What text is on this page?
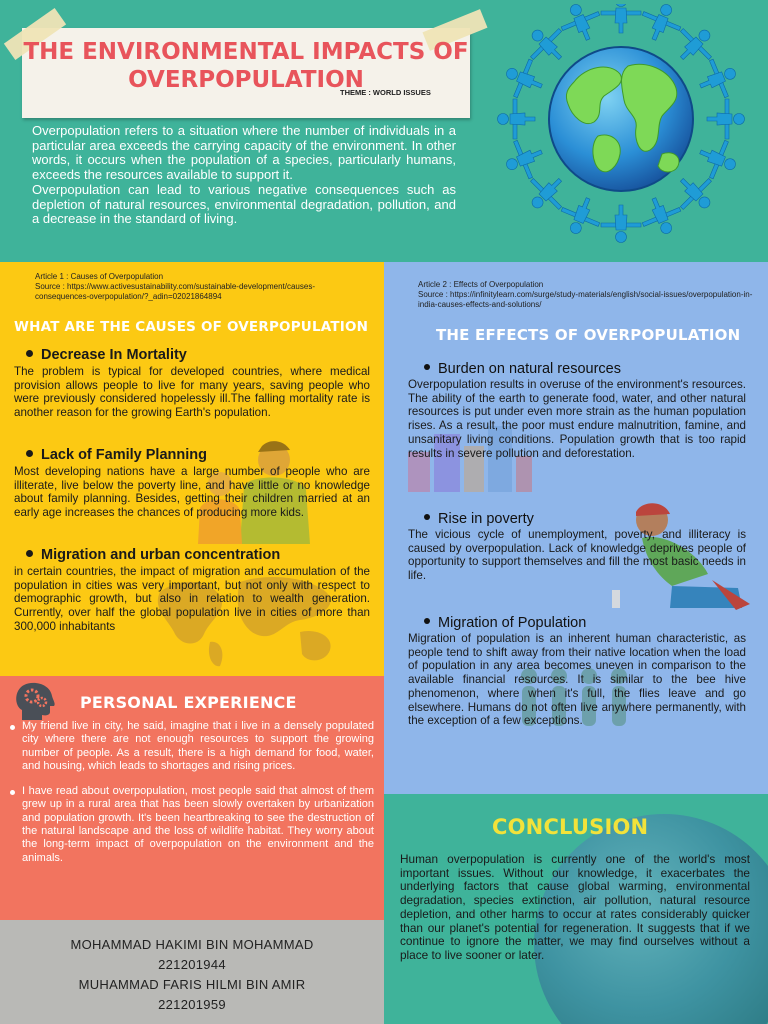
THE ENVIRONMENTAL IMPACTS OF
OVERPOPULATION
THEME : WORLD ISSUES

Overpopulation refers to a situation where the number of individuals in a particular area exceeds the carrying capacity of the environment. In other words, it occurs when the population of a species, particularly humans, exceeds the resources available to support it.

Overpopulation can lead to various negative consequences such as depletion of natural resources, environmental degradation, pollution, and a decrease in the standard of living.

Article 1 : Causes of Overpopulation
Source : https://www.activesustainability.com/sustainable-development/causes-consequences-overpopulation/?_adin=02021864894
WHAT ARE THE CAUSES OF OVERPOPULATION
Decrease In Mortality

The problem is typical for developed countries, where medical provision allows people to live for many years, saving people who were previously considered hopelessly ill.The falling mortality rate is another reason for the growing Earth's population.

Lack of Family Planning

Most developing nations have a large number of people who are illiterate, live below the poverty line, and have little or no knowledge about family planning. Besides, getting their children married at an early age increases the chances of producing more kids.

Migration and urban concentration

in certain countries, the impact of migration and accumulation of the population in cities was very important, but not only with respect to demographic growth, but also in relation to wealth generation. Currently, over half the global population live in cities of more than 300,000 inhabitants

Article 2 : Effects of Overpopulation
Source : https://infinitylearn.com/surge/study-materials/english/social-issues/overpopulation-in-india-causes-effects-and-solutions/
THE EFFECTS OF OVERPOPULATION
Burden on natural resources

Overpopulation results in overuse of the environment's resources. The ability of the earth to generate food, water, and other natural resources is put under even more strain as the human population rises. As a result, the poor must endure malnutrition, famine, and unsanitary living conditions. Population growth that is too rapid results in severe pollution and deforestation.

Rise in poverty

The vicious cycle of unemployment, poverty, and illiteracy is caused by overpopulation. Lack of knowledge deprives people of opportunity to support themselves and fill the most basic needs in life.

Migration of Population

Migration of population is an inherent human characteristic, as people tend to shift away from their native location when the load of population in any area becomes uneven in comparison to the available financial resources. It is similar to the bee hive phenomenon, where when it's full, the flies leave and go elsewhere. Humans do not often live anywhere permanently, with the exception of a few exceptions.

PERSONAL EXPERIENCE
My friend live in city, he said, imagine that i live in a densely populated city where there are not enough resources to support the growing number of people. As a result, there is a high demand for food, water, and housing, which leads to shortages and rising prices.
I have read about overpopulation, most people said that almost of them grew up in a rural area that has been slowly overtaken by urbanization and population growth. It's been heartbreaking to see the destruction of the natural landscape and the loss of wildlife habitat. They worry about the long-term impact of overpopulation on the environment and the animals.
MOHAMMAD HAKIMI BIN MOHAMMAD
221201944
MUHAMMAD FARIS HILMI BIN AMIR
221201959
CONCLUSION

Human overpopulation is currently one of the world's most important issues. Without our knowledge, it exacerbates the underlying factors that cause global warming, environmental degradation, species extinction, air pollution, natural resource depletion, and other harms to occur at rates considerably quicker than our planet's potential for regeneration. It suggests that if we continue to ignore the matter, we may find ourselves without a place to live sooner or later.
